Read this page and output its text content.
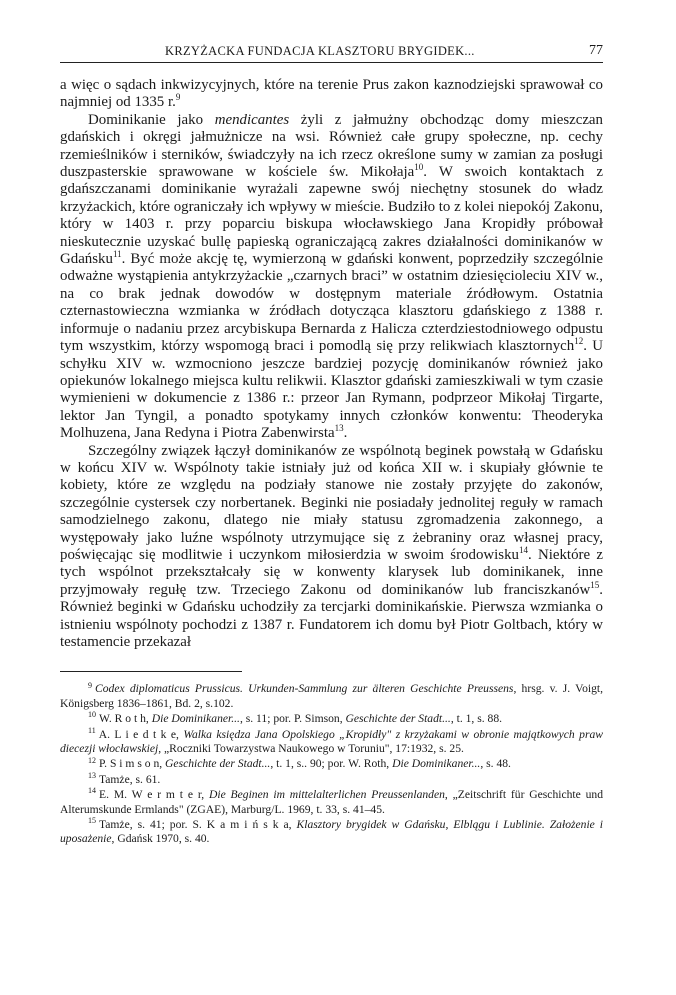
KRZYŻACKA FUNDACJA KLASZTORU BRYGIDEK...	77

a więc o sądach inkwizycyjnych, które na terenie Prus zakon kaznodziejski sprawował co najmniej od 1335 r.$^9$

Dominikanie jako mendicantes żyli z jałmużny obchodząc domy mieszczan gdańskich i okręgi jałmużnicze na wsi. Również całe grupy społeczne, np. cechy rzemieślników i sterników, świadczyły na ich rzecz określone sumy w zamian za posługi duszpasterskie sprawowane w kościele św. Mikołaja$^{10}$. W swoich kontaktach z gdańszczanami dominikanie wyrażali zapewne swój niechętny stosunek do władz krzyżackich, które ograniczały ich wpływy w mieście. Budziło to z kolei niepokój Zakonu, który w 1403 r. przy poparciu biskupa włocławskiego Jana Kropidły próbował nieskutecznie uzyskać bullę papieską ograniczającą zakres działalności dominikanów w Gdańsku$^{11}$. Być może akcję tę, wymierzoną w gdański konwent, poprzedziły szczególnie odważne wystąpienia antykrzyżackie „czarnych braci” w ostatnim dziesięcioleciu XIV w., na co brak jednak dowodów w dostępnym materiale źródłowym. Ostatnia czternastowieczna wzmianka w źródłach dotycząca klasztoru gdańskiego z 1388 r. informuje o nadaniu przez arcybiskupa Bernarda z Halicza czterdziestodniowego odpustu tym wszystkim, którzy wspomogą braci i pomodlą się przy relikwiach klasztornych$^{12}$. U schyłku XIV w. wzmocniono jeszcze bardziej pozycję dominikanów również jako opiekunów lokalnego miejsca kultu relikwii. Klasztor gdański zamieszkiwali w tym czasie wymienieni w dokumencie z 1386 r.: przeor Jan Rymann, podprzeor Mikołaj Tirgarte, lektor Jan Tyngil, a ponadto spotykamy innych członków konwentu: Theoderyka Molhuzena, Jana Redyna i Piotra Zabenwirsta$^{13}$.

Szczególny związek łączył dominikanów ze wspólnotą beginek powstałą w Gdańsku w końcu XIV w. Wspólnoty takie istniały już od końca XII w. i skupiały głównie te kobiety, które ze względu na podziały stanowe nie zostały przyjęte do zakonów, szczególnie cystersek czy norbertanek. Beginki nie posiadały jednolitej reguły w ramach samodzielnego zakonu, dlatego nie miały statusu zgromadzenia zakonnego, a występowały jako luźne wspólnoty utrzymujące się z żebraniny oraz własnej pracy, poświęcając się modlitwie i uczynkom miłosierdzia w swoim środowisku$^{14}$. Niektóre z tych wspólnot przekształcały się w konwenty klarysek lub dominikanek, inne przyjmowały regułę tzw. Trzeciego Zakonu od dominikanów lub franciszkanów$^{15}$. Również beginki w Gdańsku uchodziły za tercjarki dominikańskie. Pierwsza wzmianka o istnieniu wspólnoty pochodzi z 1387 r. Fundatorem ich domu był Piotr Goltbach, który w testamencie przekazał

$^9$ Codex diplomaticus Prussicus. Urkunden-Sammlung zur älteren Geschichte Preussens, hrsg. v. J. Voigt, Königsberg 1836–1861, Bd. 2, s.102.

$^{10}$ W. R o t h, Die Dominikaner..., s. 11; por. P. Simson, Geschichte der Stadt..., t. 1, s. 88.

$^{11}$ A. L i e d t k e, Walka księdza Jana Opolskiego „Kropidły" z krzyżakami w obronie majątkowych praw diecezji włocławskiej, „Roczniki Towarzystwa Naukowego w Toruniu", 17:1932, s. 25.

$^{12}$ P. S i m s o n, Geschichte der Stadt..., t. 1, s.. 90; por. W. Roth, Die Dominikaner..., s. 48.

$^{13}$ Tamże, s. 61.

$^{14}$ E. M. W e r m t e r, Die Beginen im mittelalterlichen Preussenlanden, „Zeitschrift für Geschichte und Alterumskunde Ermlands" (ZGAE), Marburg/L. 1969, t. 33, s. 41–45.

$^{15}$ Tamże, s. 41; por. S. K a m i ń s k a, Klasztory brygidek w Gdańsku, Elblągu i Lublinie. Założenie i uposażenie, Gdańsk 1970, s. 40.
